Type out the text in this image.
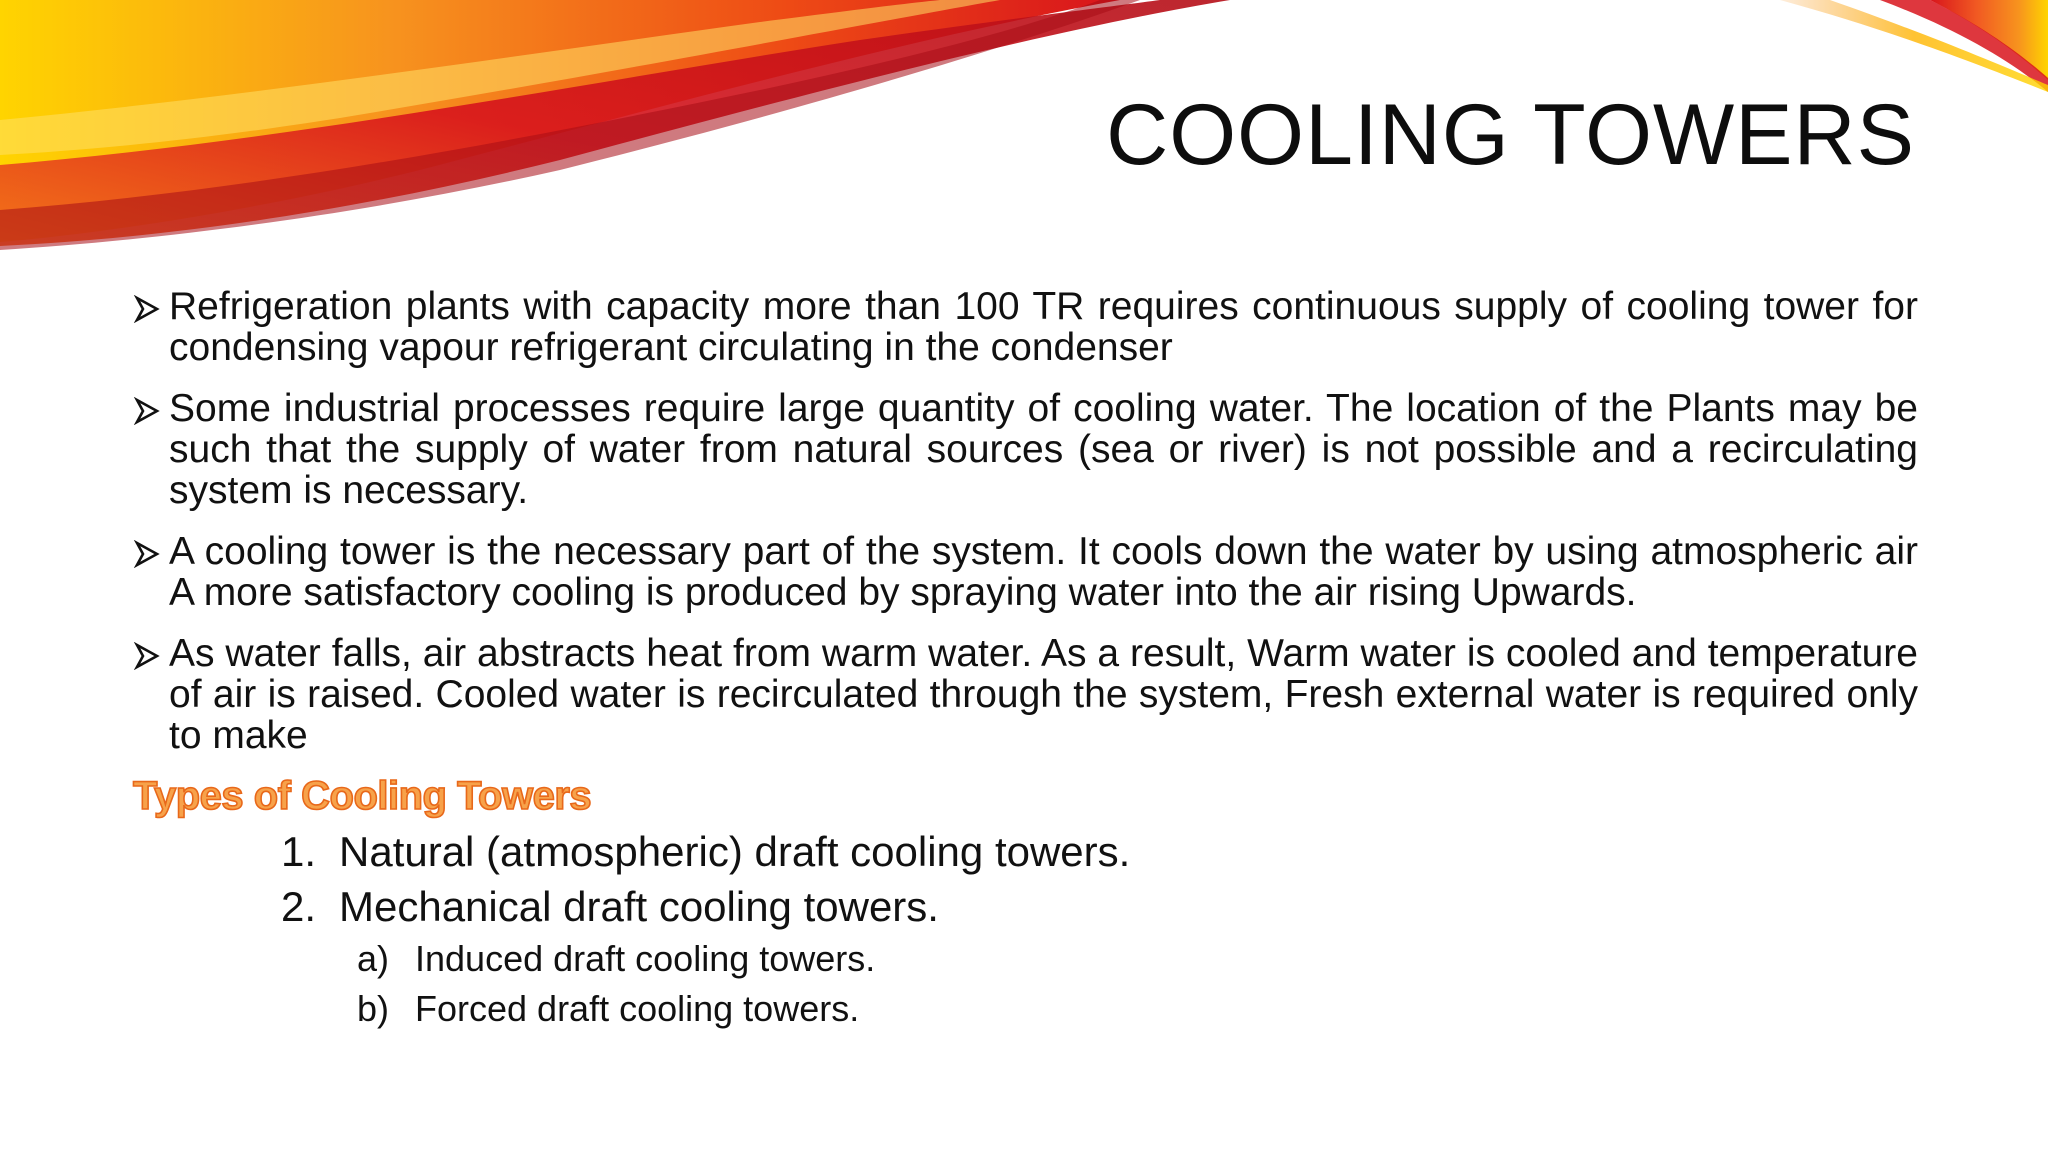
COOLING TOWERS
Refrigeration plants with capacity more than 100 TR requires continuous supply of cooling tower for condensing vapour refrigerant circulating in the condenser
Some industrial processes require large quantity of cooling water. The location of the Plants may be such that the supply of water from natural sources (sea or river) is not possible and a recirculating system is necessary.
A cooling tower is the necessary part of the system. It cools down the water by using atmospheric air A more satisfactory cooling is produced by spraying water into the air rising Upwards.
As water falls, air abstracts heat from warm water. As a result, Warm water is cooled and temperature of air is raised. Cooled water is recirculated through the system, Fresh external water is required only to make
Types of Cooling Towers
1. Natural (atmospheric) draft cooling towers.
2. Mechanical draft cooling towers.
a) Induced draft cooling towers.
b) Forced draft cooling towers.
